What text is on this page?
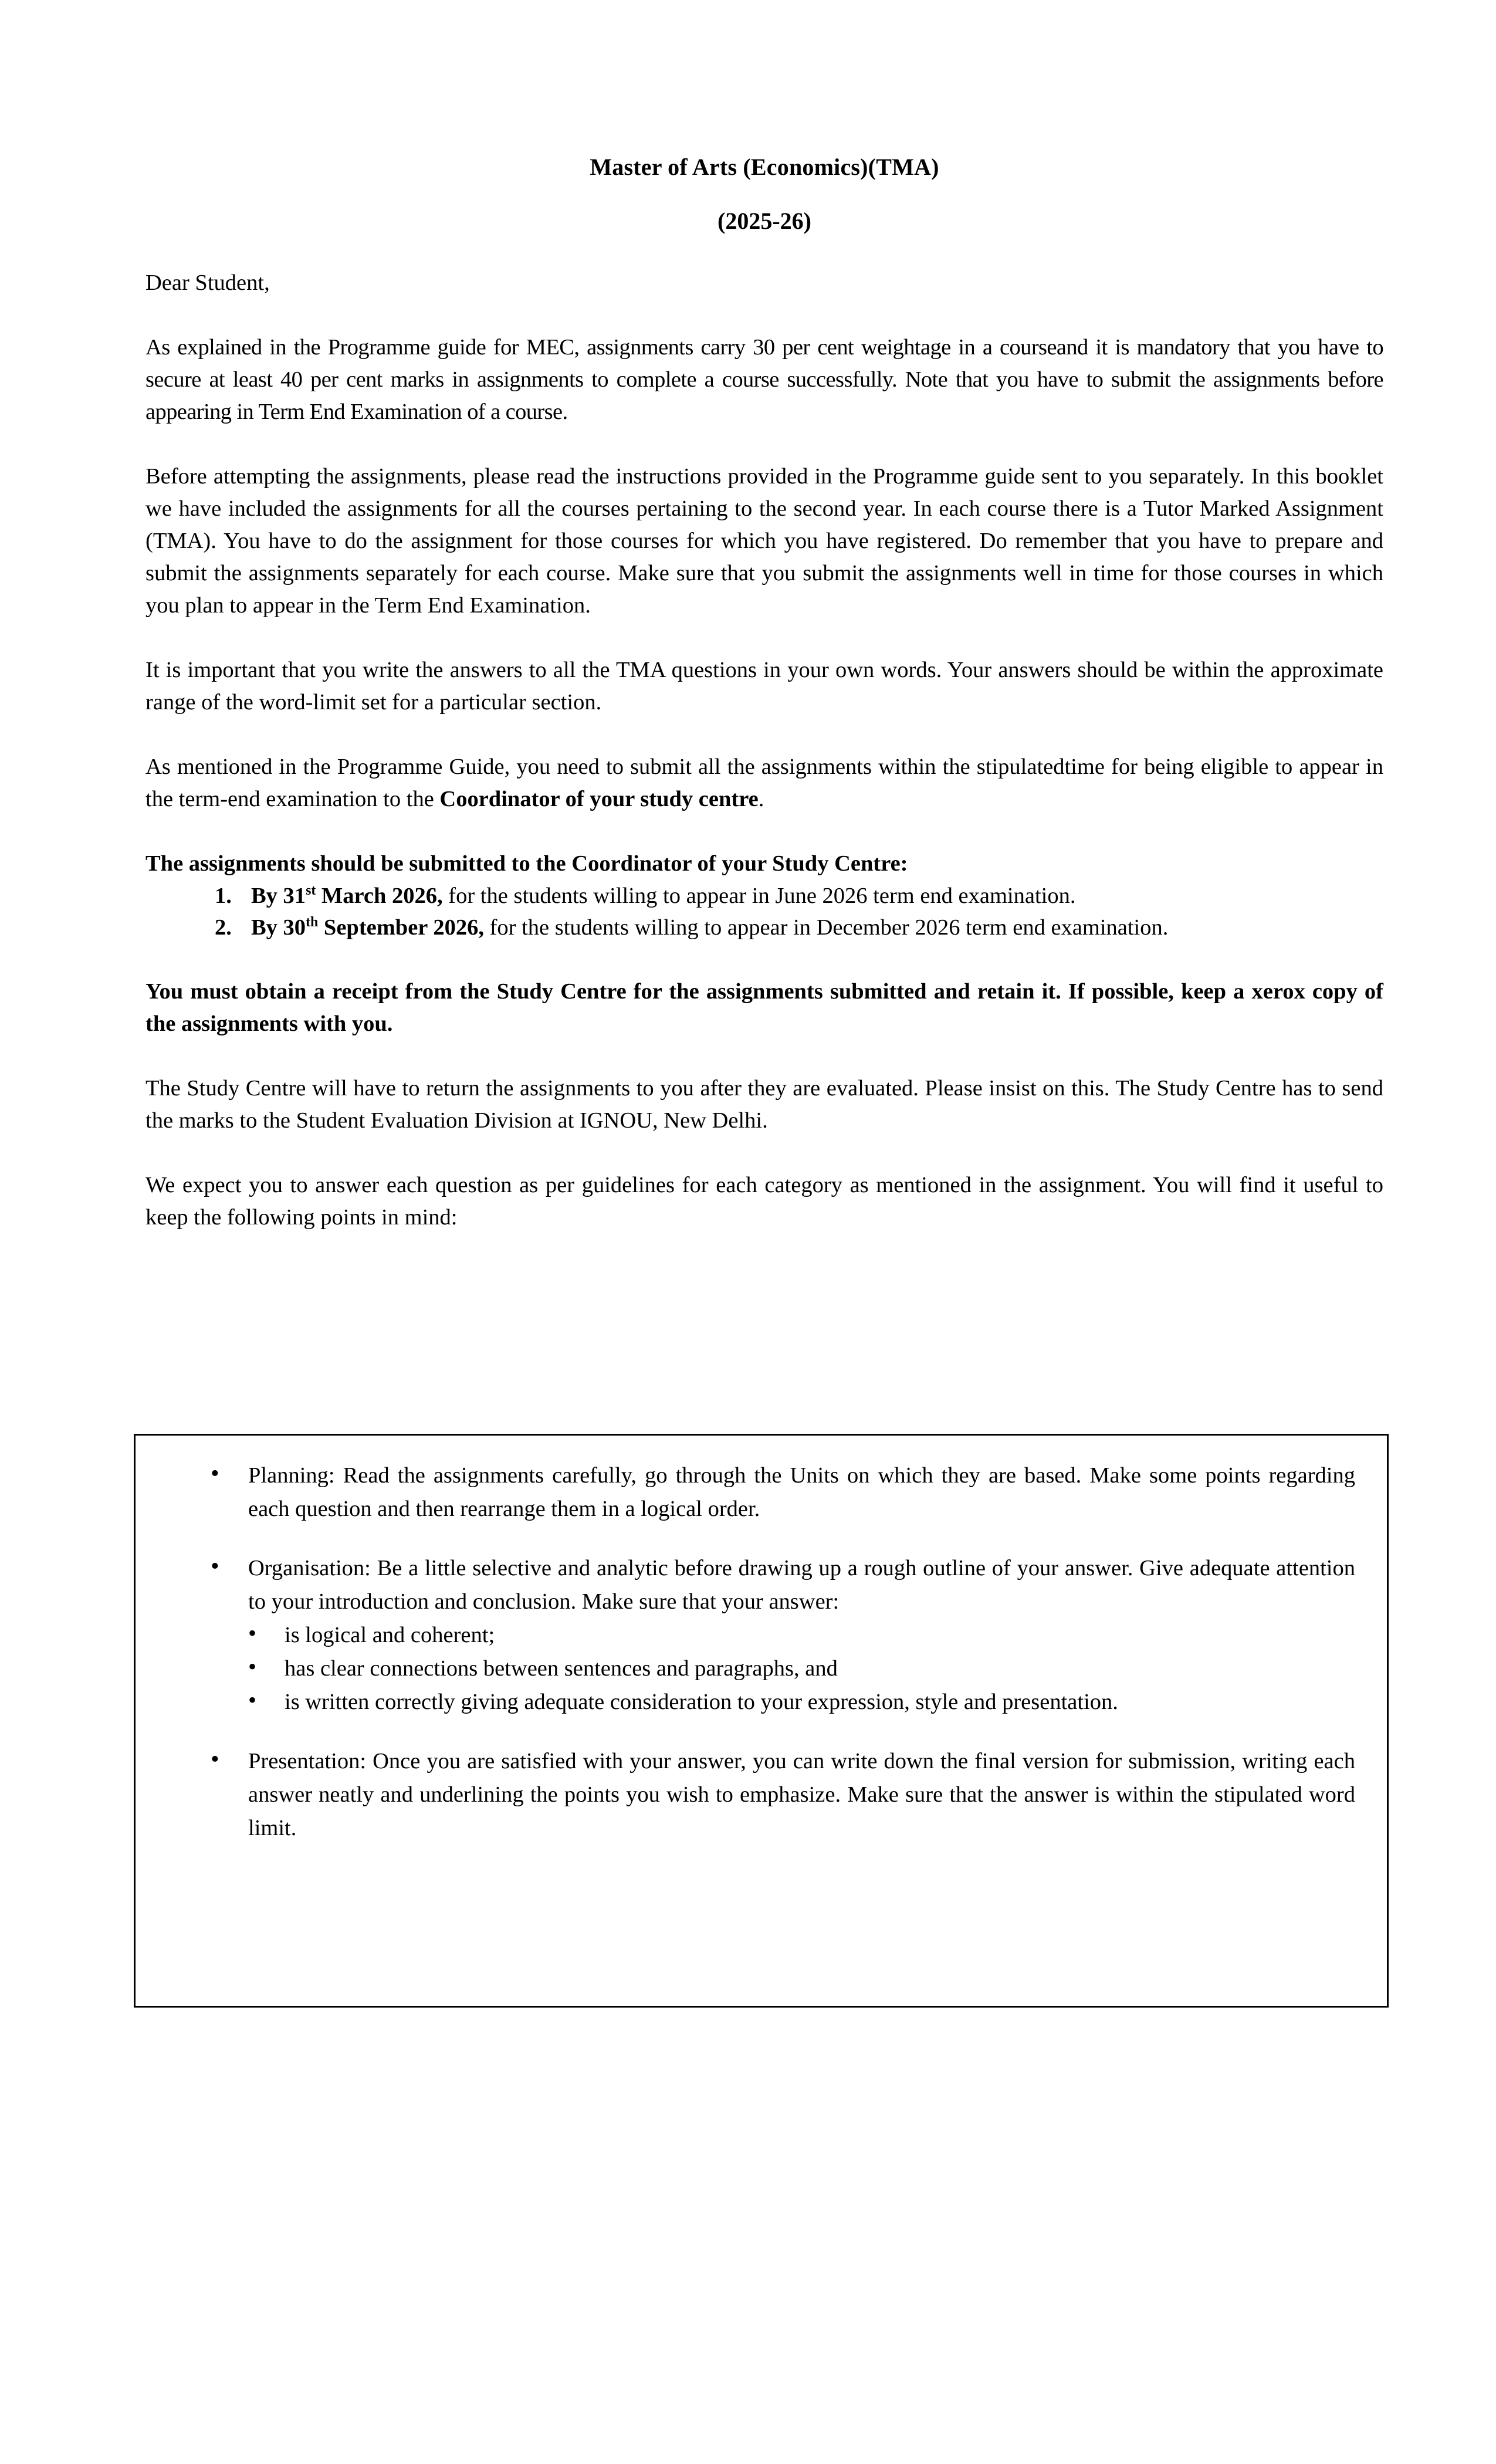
Master of Arts (Economics)(TMA)
(2025-26)

Dear Student,

As explained in the Programme guide for MEC, assignments carry 30 per cent weightage in a courseand it is mandatory that you have to secure at least 40 per cent marks in assignments to complete a course successfully. Note that you have to submit the assignments before appearing in Term End Examination of a course.

Before attempting the assignments, please read the instructions provided in the Programme guide sent to you separately. In this booklet we have included the assignments for all the courses pertaining to the second year. In each course there is a Tutor Marked Assignment (TMA). You have to do the assignment for those courses for which you have registered. Do remember that you have to prepare and submit the assignments separately for each course. Make sure that you submit the assignments well in time for those courses in which you plan to appear in the Term End Examination.

It is important that you write the answers to all the TMA questions in your own words. Your answers should be within the approximate range of the word-limit set for a particular section.

As mentioned in the Programme Guide, you need to submit all the assignments within the stipulatedtime for being eligible to appear in the term-end examination to the Coordinator of your study centre.

The assignments should be submitted to the Coordinator of your Study Centre:

By 31st March 2026, for the students willing to appear in June 2026 term end examination.
By 30th September 2026, for the students willing to appear in December 2026 term end examination.

You must obtain a receipt from the Study Centre for the assignments submitted and retain it. If possible, keep a xerox copy of the assignments with you.

The Study Centre will have to return the assignments to you after they are evaluated. Please insist on this. The Study Centre has to send the marks to the Student Evaluation Division at IGNOU, New Delhi.

We expect you to answer each question as per guidelines for each category as mentioned in the assignment. You will find it useful to keep the following points in mind:

• Planning: Read the assignments carefully, go through the Units on which they are based. Make some points regarding each question and then rearrange them in a logical order.
• Organisation: Be a little selective and analytic before drawing up a rough outline of your answer. Give adequate attention to your introduction and conclusion. Make sure that your answer:
• is logical and coherent;
• has clear connections between sentences and paragraphs, and
• is written correctly giving adequate consideration to your expression, style and presentation.
• Presentation: Once you are satisfied with your answer, you can write down the final version for submission, writing each answer neatly and underlining the points you wish to emphasize. Make sure that the answer is within the stipulated word limit.
